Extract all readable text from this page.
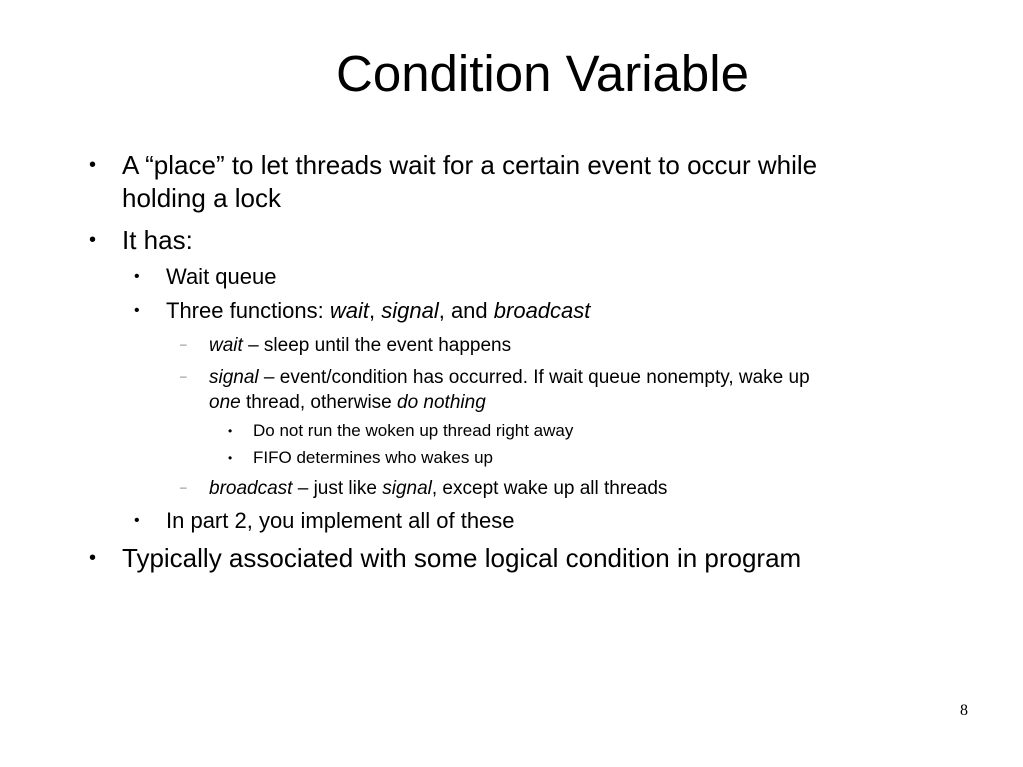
Condition Variable
• A “place” to let threads wait for a certain event to occur while
holding a lock
• It has:
• Wait queue
• Three functions: wait, signal, and broadcast
– wait – sleep until the event happens
– signal – event/condition has occurred. If wait queue nonempty, wake up
one thread, otherwise do nothing
• Do not run the woken up thread right away
• FIFO determines who wakes up
– broadcast – just like signal, except wake up all threads
• In part 2, you implement all of these
• Typically associated with some logical condition in program
8
